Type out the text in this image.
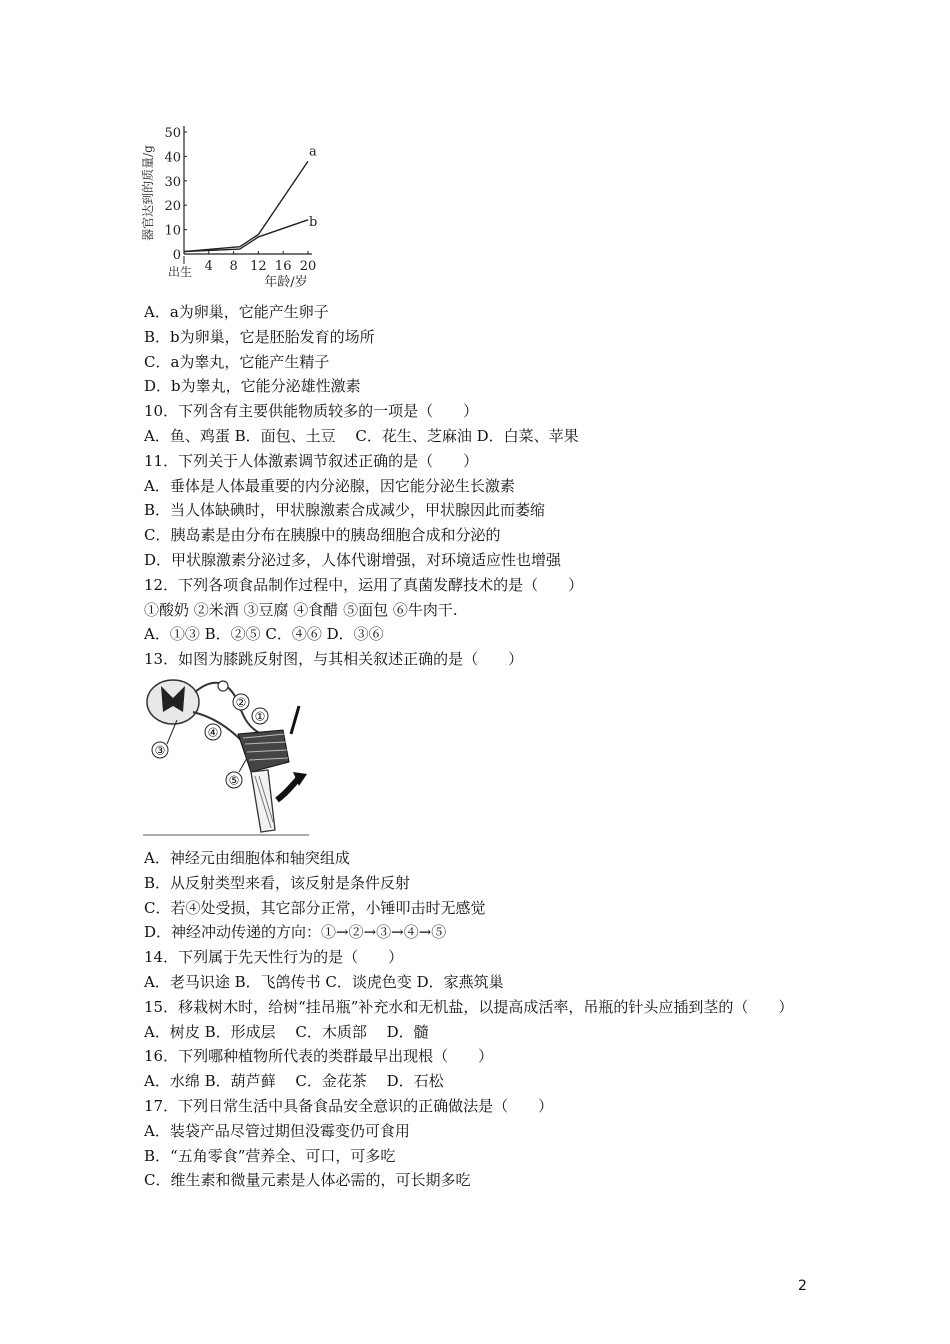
0
10
20
30
40
50
出生 4 8 12 16 20
年龄/岁
器官达到的质量/g	a
b
A．a为卵巢，它能产生卵子
B．b为卵巢，它是胚胎发育的场所
C．a为睾丸，它能产生精子
D．b为睾丸，它能分泌雄性激素
10．下列含有主要供能物质较多的一项是（　　）
A．鱼、鸡蛋 B．面包、土豆　 C．花生、芝麻油 D．白菜、苹果
11．下列关于人体激素调节叙述正确的是（　　）
A．垂体是人体最重要的内分泌腺，因它能分泌生长激素
B．当人体缺碘时，甲状腺激素合成减少，甲状腺因此而萎缩
C．胰岛素是由分布在胰腺中的胰岛细胞合成和分泌的
D．甲状腺激素分泌过多，人体代谢增强，对环境适应性也增强
12．下列各项食品制作过程中，运用了真菌发酵技术的是（　　）
①酸奶 ②米酒 ③豆腐 ④食醋 ⑤面包 ⑥牛肉干.
A．①③ B．②⑤ C．④⑥ D．③⑥
13．如图为膝跳反射图，与其相关叙述正确的是（　　）
①
②
③
④
⑤
A．神经元由细胞体和轴突组成
B．从反射类型来看，该反射是条件反射
C．若④处受损，其它部分正常，小锤叩击时无感觉
D．神经冲动传递的方向：①→②→③→④→⑤
14．下列属于先天性行为的是（　　）
A．老马识途 B．飞鸽传书 C．谈虎色变 D．家燕筑巢
15．移栽树木时，给树“挂吊瓶”补充水和无机盐，以提高成活率，吊瓶的针头应插到茎的（　　）
A．树皮 B．形成层　 C．木质部　 D．髓
16．下列哪种植物所代表的类群最早出现根（　　）
A．水绵 B．葫芦藓　 C．金花茶　 D．石松
17．下列日常生活中具备食品安全意识的正确做法是（　　）
A．装袋产品尽管过期但没霉变仍可食用
B．“五角零食”营养全、可口，可多吃
C．维生素和微量元素是人体必需的，可长期多吃
2
